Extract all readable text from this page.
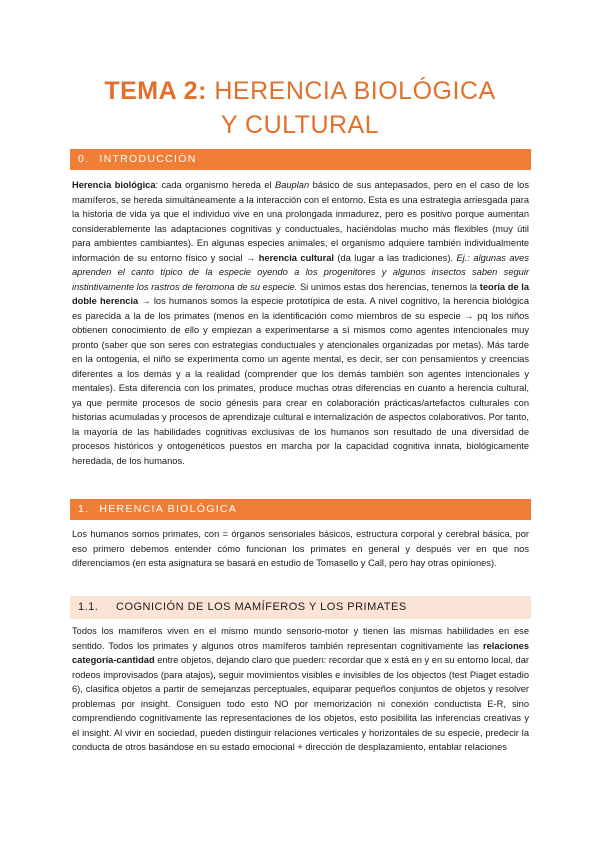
TEMA 2: HERENCIA BIOLÓGICA
Y CULTURAL
0. INTRODUCCIÓN

Herencia biológica: cada organismo hereda el Bauplan básico de sus antepasados, pero en el caso de los mamíferos, se hereda simultáneamente a la interacción con el entorno. Esta es una estrategia arriesgada para la historia de vida ya que el individuo vive en una prolongada inmadurez, pero es positivo porque aumentan considerablemente las adaptaciones cognitivas y conductuales, haciéndolas mucho más flexibles (muy útil para ambientes cambiantes). En algunas especies animales, el organismo adquiere también individualmente información de su entorno físico y social → herencia cultural (da lugar a las tradiciones). Ej.: algunas aves aprenden el canto típico de la especie oyendo a los progenitores y algunos insectos saben seguir instintivamente los rastros de feromona de su especie. Si unimos estas dos herencias, tenemos la teoría de la doble herencia → los humanos somos la especie prototípica de esta. A nivel cognitivo, la herencia biológica es parecida a la de los primates (menos en la identificación como miembros de su especie → pq los niños obtienen conocimiento de ello y empiezan a experimentarse a sí mismos como agentes intencionales muy pronto (saber que son seres con estrategias conductuales y atencionales organizadas por metas). Más tarde en la ontogenia, el niño se experimenta como un agente mental, es decir, ser con pensamientos y creencias diferentes a los demás y a la realidad (comprender que los demás también son agentes intencionales y mentales). Esta diferencia con los primates, produce muchas otras diferencias en cuanto a herencia cultural, ya que permite procesos de socio génesis para crear en colaboración prácticas/artefactos culturales con historias acumuladas y procesos de aprendizaje cultural e internalización de aspectos colaborativos. Por tanto, la mayoría de las habilidades cognitivas exclusivas de los humanos son resultado de una diversidad de procesos históricos y ontogenéticos puestos en marcha por la capacidad cognitiva innata, biológicamente heredada, de los humanos.

1. HERENCIA BIOLÓGICA

Los humanos somos primates, con = órganos sensoriales básicos, estructura corporal y cerebral básica, por eso primero debemos entender cómo funcionan los primates en general y después ver en que nos diferenciamos (en esta asignatura se basará en estudio de Tomasello y Call, pero hay otras opiniones).

1.1. COGNICIÓN DE LOS MAMÍFEROS Y LOS PRIMATES

Todos los mamíferos viven en el mismo mundo sensorio-motor y tienen las mismas habilidades en ese sentido. Todos los primates y algunos otros mamíferos también representan cognitivamente las relaciones categoría-cantidad entre objetos, dejando claro que pueden: recordar que x está en y en su entorno local, dar rodeos improvisados (para atajos), seguir movimientos visibles e invisibles de los objectos (test Piaget estadio 6), clasifica objetos a partir de semejanzas perceptuales, equiparar pequeños conjuntos de objetos y resolver problemas por insight. Consiguen todo esto NO por memorización ni conexión conductista E-R, sino comprendiendo cognitivamente las representaciones de los objetos, esto posibilita las inferencias creativas y el insight. Al vivir en sociedad, pueden distinguir relaciones verticales y horizontales de su especie, predecir la conducta de otros basándose en su estado emocional + dirección de desplazamiento, entablar relaciones
